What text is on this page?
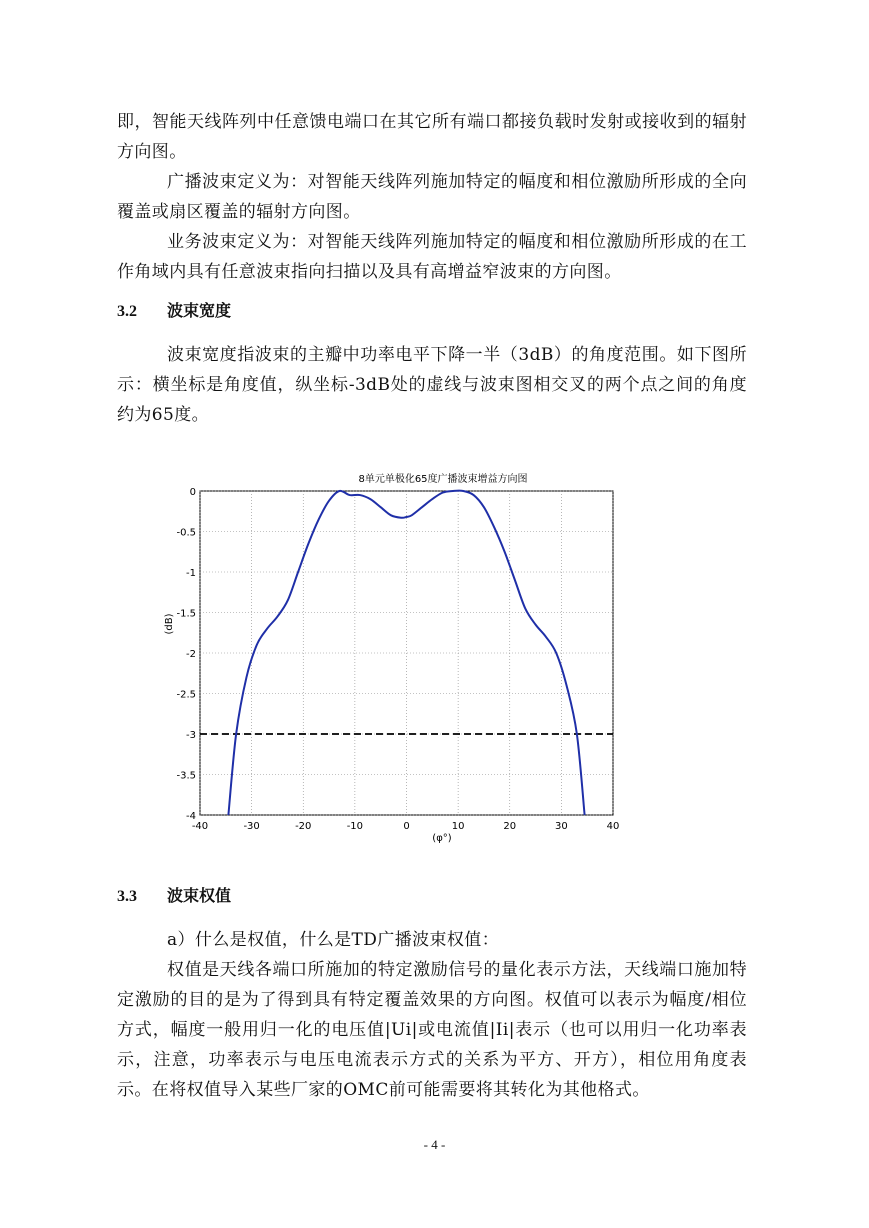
即，智能天线阵列中任意馈电端口在其它所有端口都接负载时发射或接收到的辐射方向图。

广播波束定义为：对智能天线阵列施加特定的幅度和相位激励所形成的全向覆盖或扇区覆盖的辐射方向图。

业务波束定义为：对智能天线阵列施加特定的幅度和相位激励所形成的在工作角域内具有任意波束指向扫描以及具有高增益窄波束的方向图。

3.2 波束宽度

波束宽度指波束的主瓣中功率电平下降一半（3dB）的角度范围。如下图所示：横坐标是角度值，纵坐标-3dB处的虚线与波束图相交叉的两个点之间的角度约为65度。

8单元单极化65度广播波束增益方向图
-40	-30	-20	-10	0	10	20	30	40
0
-0.5
-1
-1.5
-2
-2.5
-3
-3.5
-4
(φ°)
(dB)
3.3 波束权值

a）什么是权值，什么是TD广播波束权值：

权值是天线各端口所施加的特定激励信号的量化表示方法，天线端口施加特定激励的目的是为了得到具有特定覆盖效果的方向图。权值可以表示为幅度/相位方式，幅度一般用归一化的电压值|Ui|或电流值|Ii|表示（也可以用归一化功率表示，注意，功率表示与电压电流表示方式的关系为平方、开方），相位用角度表示。在将权值导入某些厂家的OMC前可能需要将其转化为其他格式。

- 4 -
